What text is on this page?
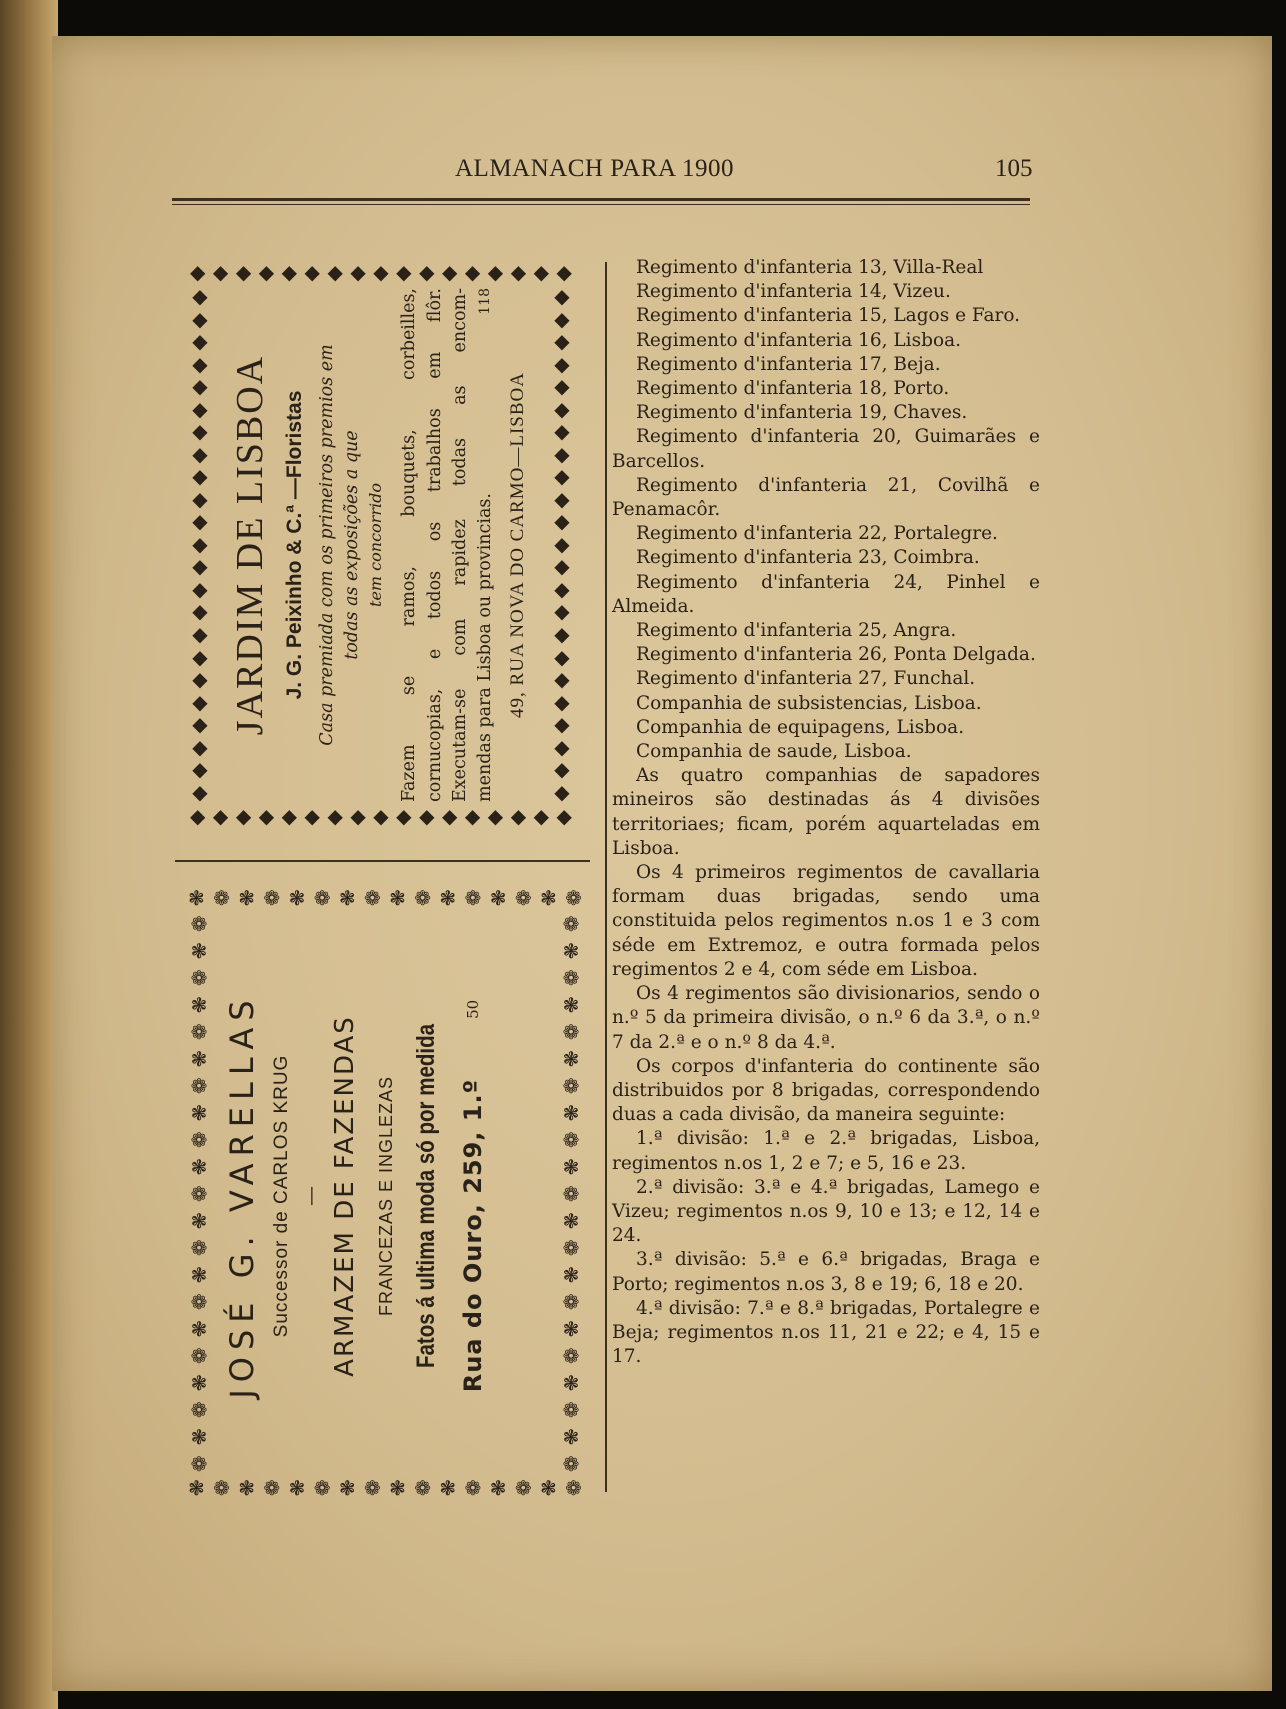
ALMANACH PARA 1900	105
◆ ◆ ◆ ◆ ◆ ◆ ◆ ◆ ◆ ◆ ◆ ◆ ◆ ◆ ◆ ◆ ◆
◆ ◆ ◆ ◆ ◆ ◆ ◆ ◆ ◆ ◆ ◆ ◆ ◆ ◆ ◆ ◆ ◆
◆
◆
◆
◆
◆
◆
◆
◆
◆
◆
◆
◆
◆
◆
◆
◆
◆
◆
◆
◆
◆
◆
◆
◆
◆
◆
◆
◆
◆
◆
◆
◆
◆
◆
◆
◆
◆
◆
◆
◆
◆
◆
◆
◆
◆
◆
JARDIM DE LISBOA J. G. Peixinho & C.ª —Floristas Casa premiada com os primeiros premios em todas as exposições a que tem concorrido Fazem se ramos, bouquets, corbeilles, cornucopias, e todos os trabalhos em flôr. Executam-se com rapidez todas as encom- mendas para Lisboa ou provincias.
118
49, RUA NOVA DO CARMO—LISBOA
❃ ❁ ❃ ❁ ❃ ❁ ❃ ❁ ❃ ❁ ❃ ❁ ❃ ❁ ❃ ❁
❃ ❁ ❃ ❁ ❃ ❁ ❃ ❁ ❃ ❁ ❃ ❁ ❃ ❁ ❃ ❁
❁
❃
❁
❃
❁
❃
❁
❃
❁
❃
❁
❃
❁
❃
❁
❃
❁
❃
❁
❃
❁
❁
❃
❁
❃
❁
❃
❁
❃
❁
❃
❁
❃
❁
❃
❁
❃
❁
❃
❁
❃
❁
JOSÉ G. VARELLAS Successor de CARLOS KRUG — ARMAZEM DE FAZENDAS FRANCEZAS E INGLEZAS Fatos á ultima moda só por medida Rua do Ouro, 259, 1.º
50

Regimento d'infanteria 13, Villa-Real

Regimento d'infanteria 14, Vizeu.

Regimento d'infanteria 15, Lagos e Faro.

Regimento d'infanteria 16, Lisboa.

Regimento d'infanteria 17, Beja.

Regimento d'infanteria 18, Porto.

Regimento d'infanteria 19, Chaves.

Regimento d'infanteria 20, Guimarães e Barcellos.

Regimento d'infanteria 21, Covilhã e Penamacôr.

Regimento d'infanteria 22, Portalegre.

Regimento d'infanteria 23, Coimbra.

Regimento d'infanteria 24, Pinhel e Almeida.

Regimento d'infanteria 25, Angra.

Regimento d'infanteria 26, Ponta Delgada.

Regimento d'infanteria 27, Funchal.

Companhia de subsistencias, Lisboa.

Companhia de equipagens, Lisboa.

Companhia de saude, Lisboa.

As quatro companhias de sapadores mineiros são destinadas ás 4 divisões territoriaes; ficam, porém aquarteladas em Lisboa.

Os 4 primeiros regimentos de cavallaria formam duas brigadas, sendo uma constituida pelos regimentos n.os 1 e 3 com séde em Extremoz, e outra formada pelos regimentos 2 e 4, com séde em Lisboa.

Os 4 regimentos são divisionarios, sendo o n.º 5 da primeira divisão, o n.º 6 da 3.ª, o n.º 7 da 2.ª e o n.º 8 da 4.ª.

Os corpos d'infanteria do continente são distribuidos por 8 brigadas, correspondendo duas a cada divisão, da maneira seguinte:

1.ª divisão: 1.ª e 2.ª brigadas, Lisboa, regimentos n.os 1, 2 e 7; e 5, 16 e 23.

2.ª divisão: 3.ª e 4.ª brigadas, Lamego e Vizeu; regimentos n.os 9, 10 e 13; e 12, 14 e 24.

3.ª divisão: 5.ª e 6.ª brigadas, Braga e Porto; regimentos n.os 3, 8 e 19; 6, 18 e 20.

4.ª divisão: 7.ª e 8.ª brigadas, Portalegre e Beja; regimentos n.os 11, 21 e 22; e 4, 15 e 17.
